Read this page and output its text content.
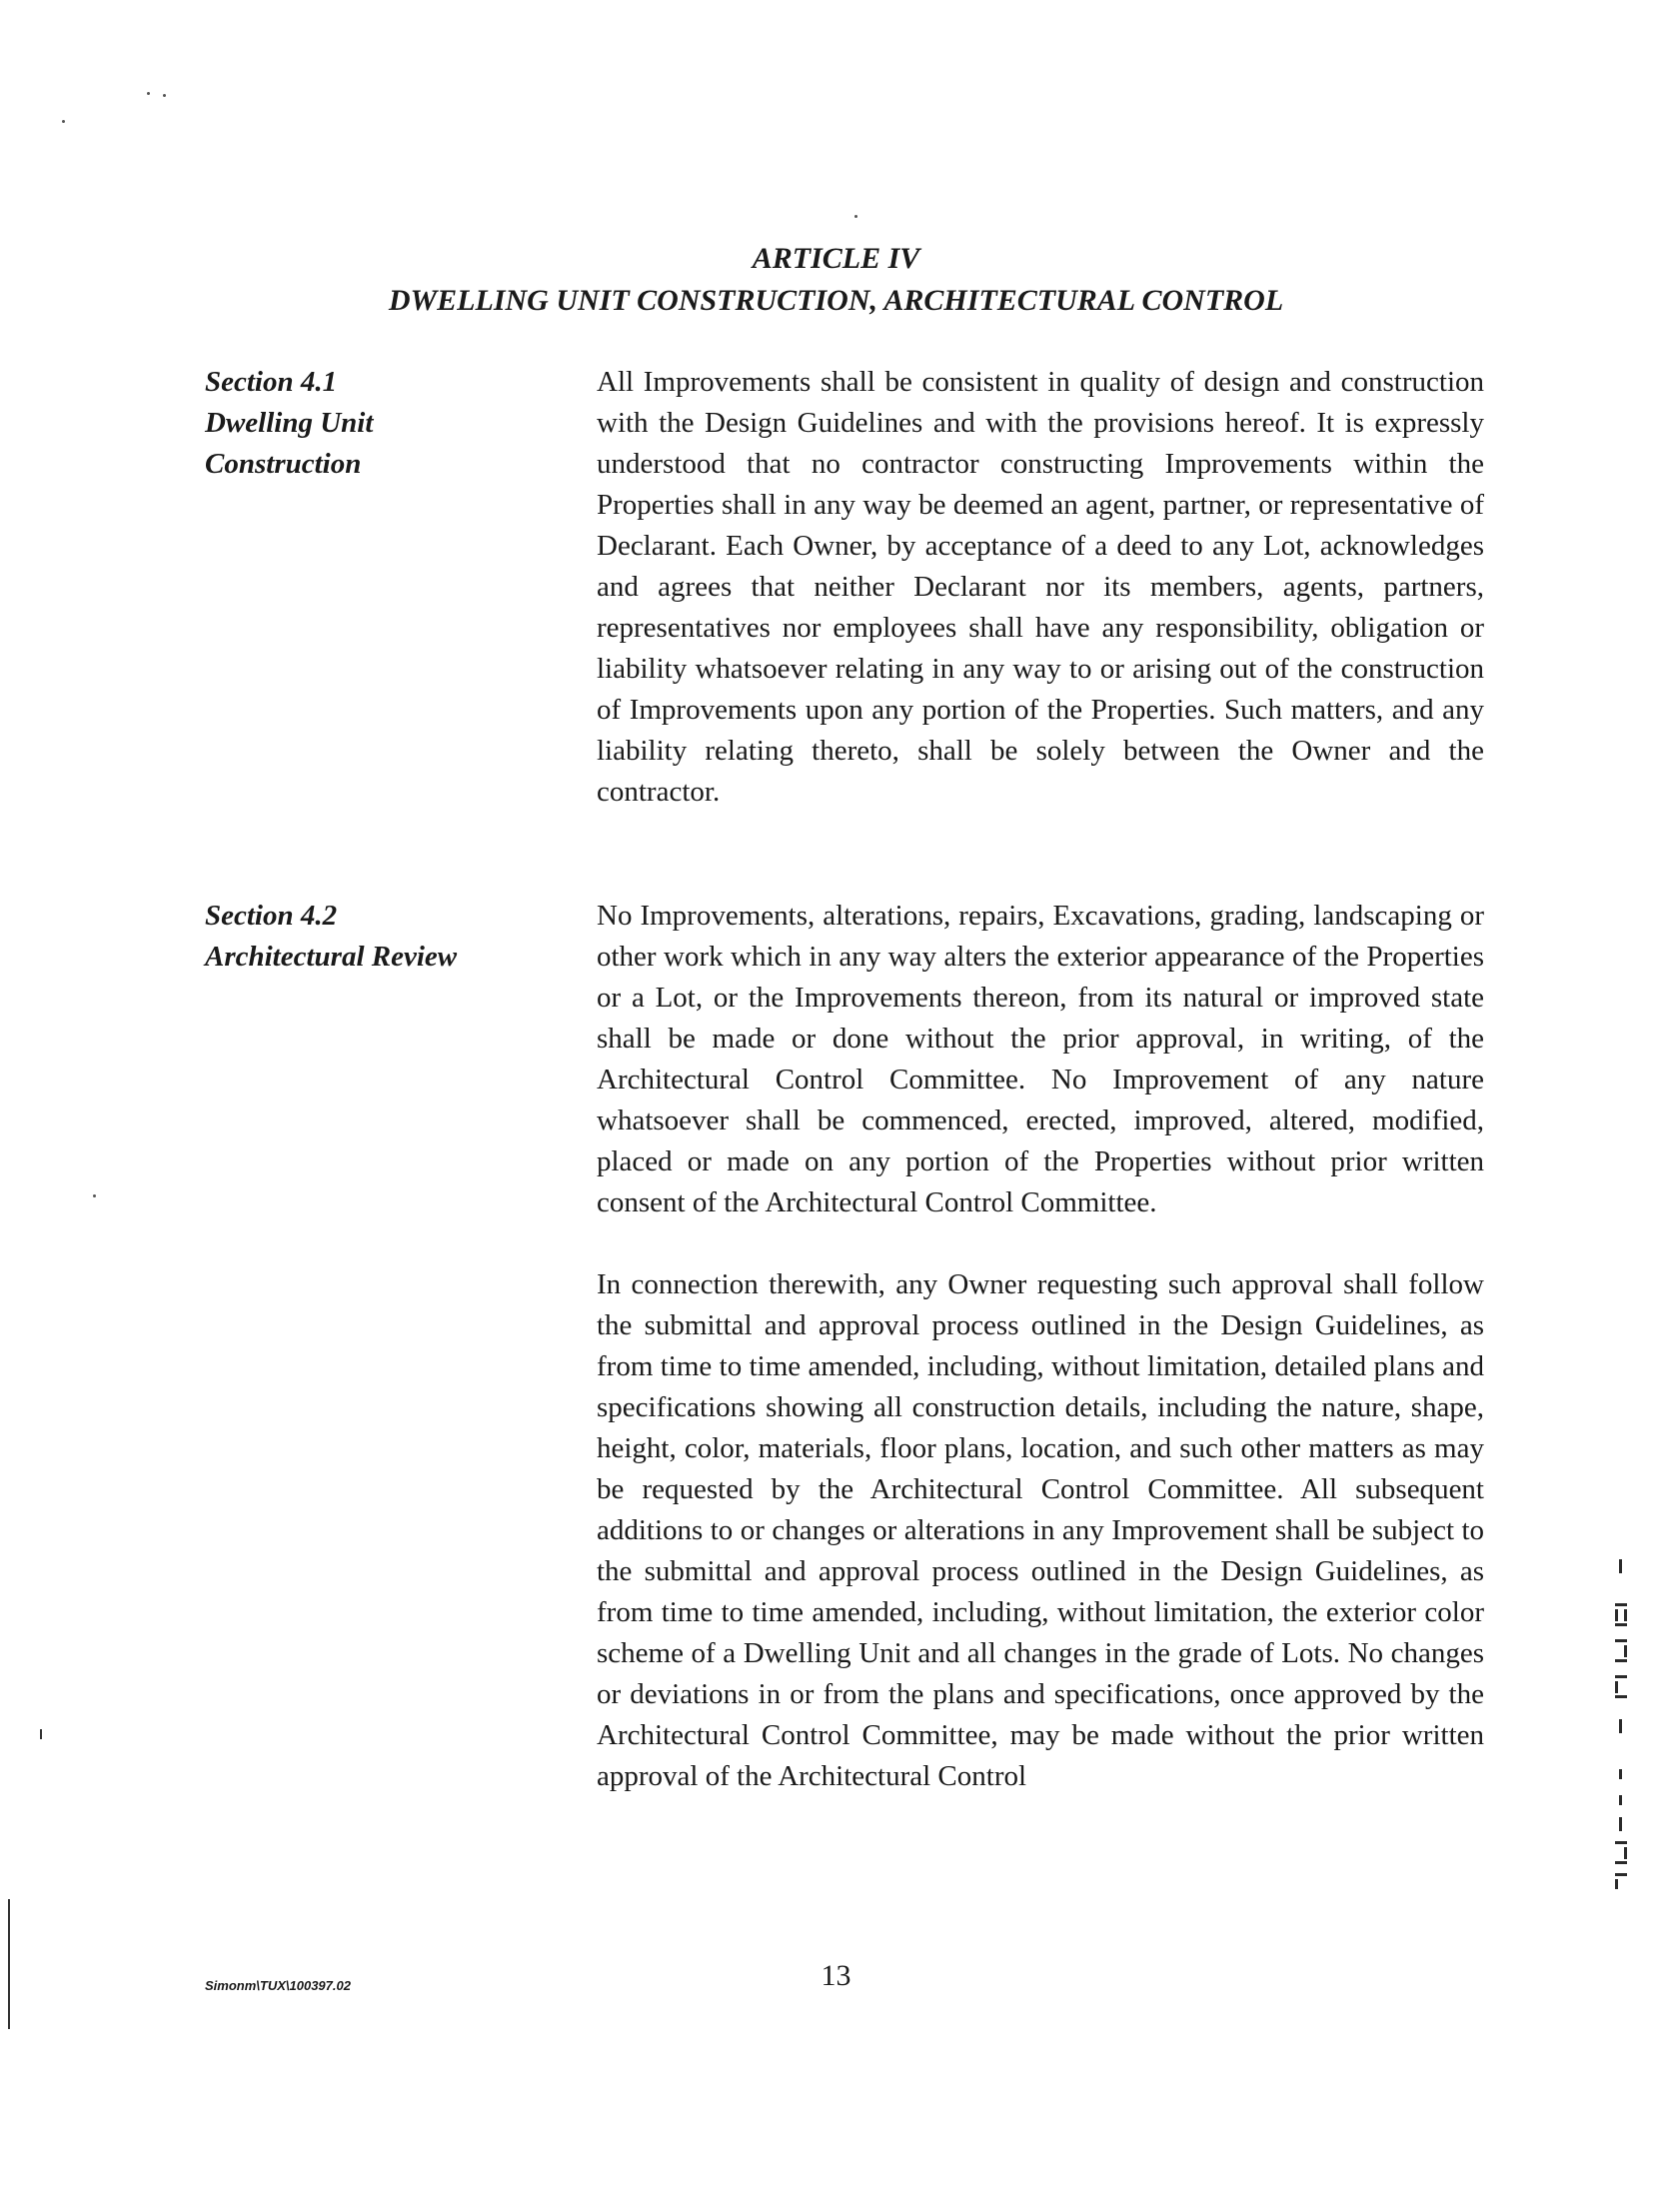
ARTICLE IV
DWELLING UNIT CONSTRUCTION, ARCHITECTURAL CONTROL
Section 4.1
Dwelling Unit
Construction

All Improvements shall be consistent in quality of design and construction with the Design Guidelines and with the provisions hereof. It is expressly understood that no contractor constructing Improvements within the Properties shall in any way be deemed an agent, partner, or representative of Declarant. Each Owner, by acceptance of a deed to any Lot, acknowledges and agrees that neither Declarant nor its members, agents, partners, representatives nor employees shall have any responsibility, obligation or liability whatsoever relating in any way to or arising out of the construction of Improvements upon any portion of the Properties. Such matters, and any liability relating thereto, shall be solely between the Owner and the contractor.

Section 4.2
Architectural Review

No Improvements, alterations, repairs, Excavations, grading, landscaping or other work which in any way alters the exterior appearance of the Properties or a Lot, or the Improvements thereon, from its natural or improved state shall be made or done without the prior approval, in writing, of the Architectural Control Committee. No Improvement of any nature whatsoever shall be commenced, erected, improved, altered, modified, placed or made on any portion of the Properties without prior written consent of the Architectural Control Committee.

In connection therewith, any Owner requesting such approval shall follow the submittal and approval process outlined in the Design Guidelines, as from time to time amended, including, without limitation, detailed plans and specifications showing all construction details, including the nature, shape, height, color, materials, floor plans, location, and such other matters as may be requested by the Architectural Control Committee. All subsequent additions to or changes or alterations in any Improvement shall be subject to the submittal and approval process outlined in the Design Guidelines, as from time to time amended, including, without limitation, the exterior color scheme of a Dwelling Unit and all changes in the grade of Lots. No changes or deviations in or from the plans and specifications, once approved by the Architectural Control Committee, may be made without the prior written approval of the Architectural Control

Simonm\TUX\100397.02	13
